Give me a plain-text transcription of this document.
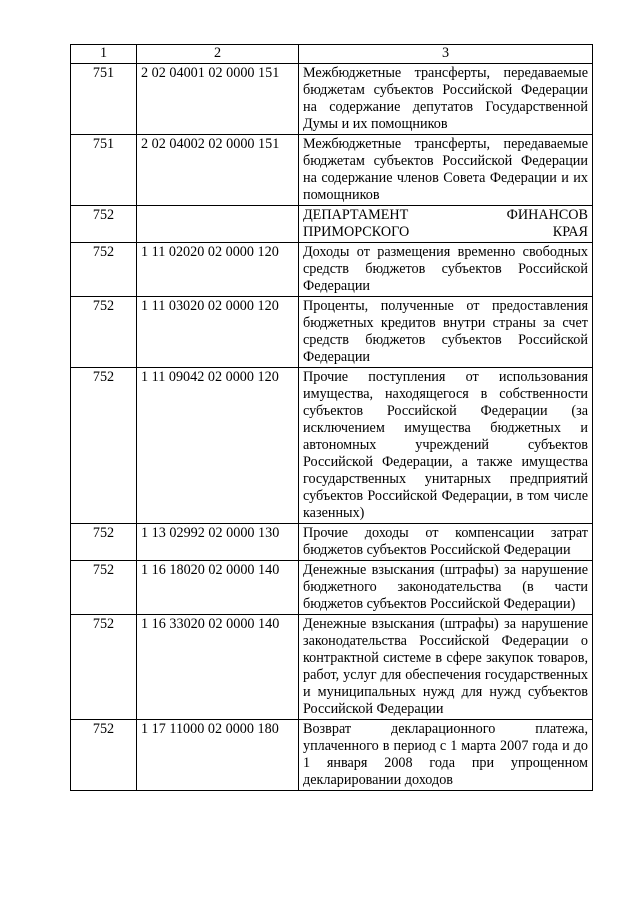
1	2	3
751	2 02 04001 02 0000 151	Межбюджетные трансферты, передаваемые бюджетам субъектов Российской Федерации на содержание депутатов Государственной Думы и их помощников
751	2 02 04002 02 0000 151	Межбюджетные трансферты, передаваемые бюджетам субъектов Российской Федерации на содержание членов Совета Федерации и их помощников
752		ДЕПАРТАМЕНТ ФИНАНСОВ ПРИМОРСКОГО КРАЯ
752	1 11 02020 02 0000 120	Доходы от размещения временно свободных средств бюджетов субъектов Российской Федерации
752	1 11 03020 02 0000 120	Проценты, полученные от предоставления бюджетных кредитов внутри страны за счет средств бюджетов субъектов Российской Федерации
752	1 11 09042 02 0000 120	Прочие поступления от использования имущества, находящегося в собственности субъектов Российской Федерации (за исключением имущества бюджетных и автономных учреждений субъектов Российской Федерации, а также имущества государственных унитарных предприятий субъектов Российской Федерации, в том числе казенных)
752	1 13 02992 02 0000 130	Прочие доходы от компенсации затрат бюджетов субъектов Российской Федерации
752	1 16 18020 02 0000 140	Денежные взыскания (штрафы) за нарушение бюджетного законодательства (в части бюджетов субъектов Российской Федерации)
752	1 16 33020 02 0000 140	Денежные взыскания (штрафы) за нарушение законодательства Российской Федерации о контрактной системе в сфере закупок товаров, работ, услуг для обеспечения государственных и муниципальных нужд для нужд субъектов Российской Федерации
752	1 17 11000 02 0000 180	Возврат декларационного платежа, уплаченного в период с 1 марта 2007 года и до 1 января 2008 года при упрощенном декларировании доходов
